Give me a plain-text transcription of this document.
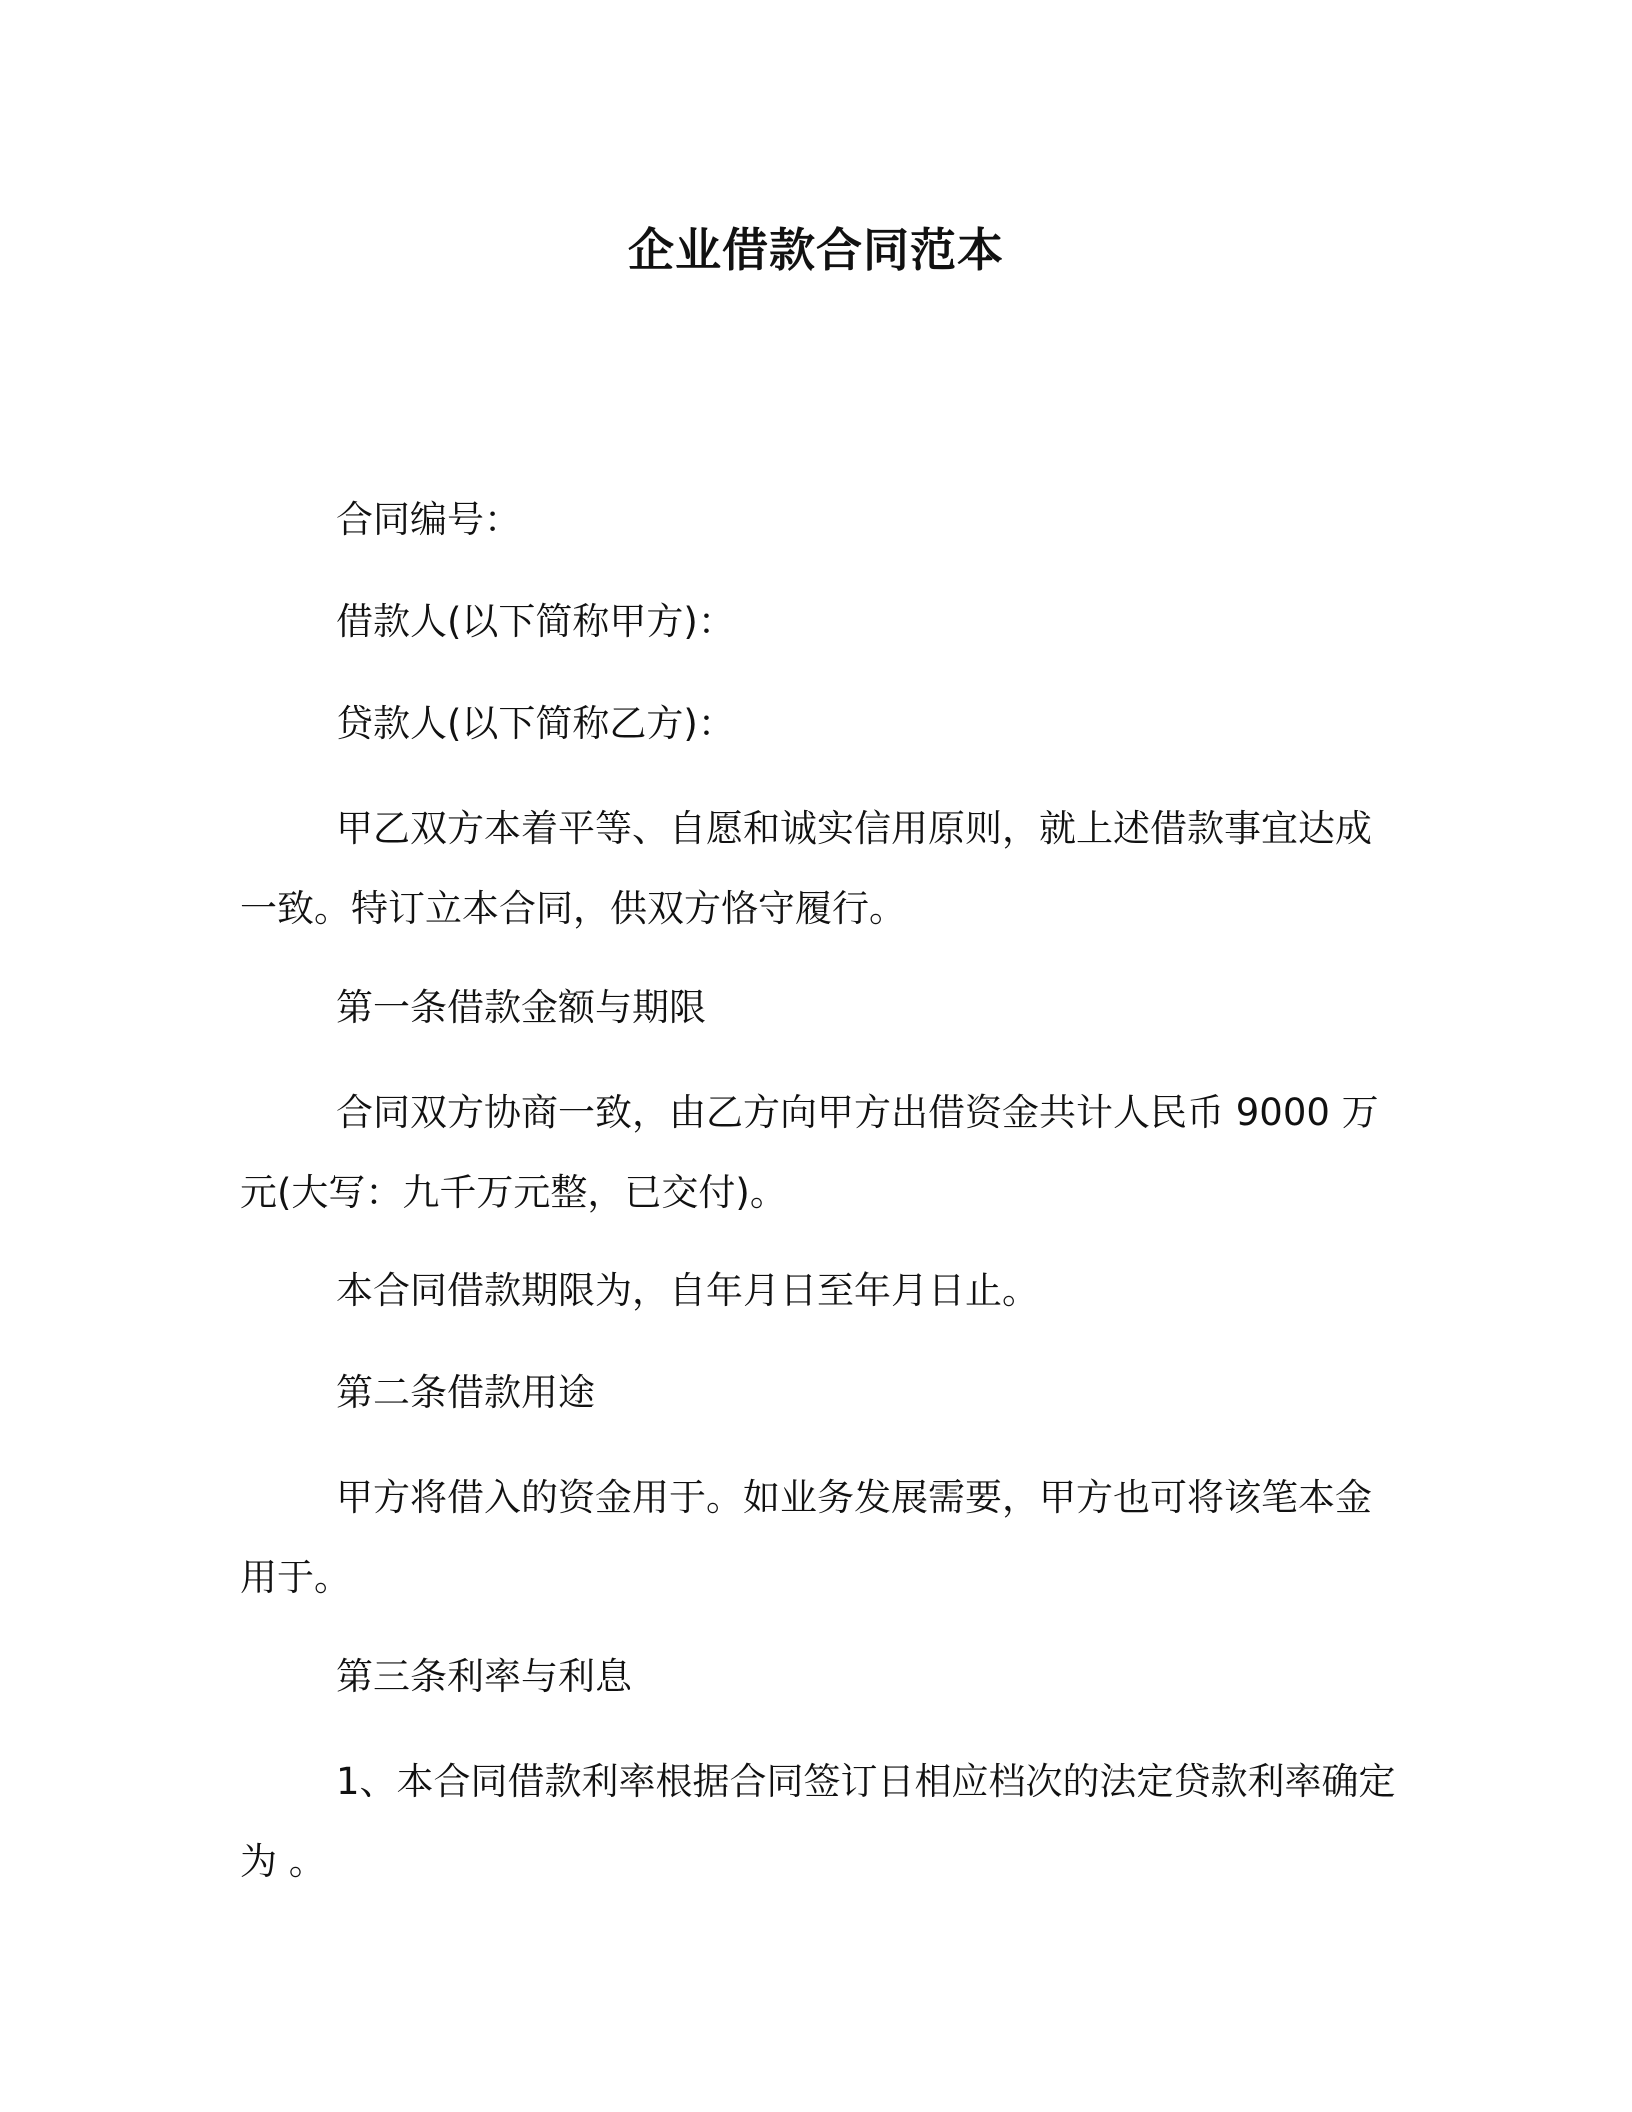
企业借款合同范本
合同编号：
借款人(以下简称甲方)：
贷款人(以下简称乙方)：
甲乙双方本着平等、自愿和诚实信用原则，就上述借款事宜达成一致。特订立本合同，供双方恪守履行。
第一条借款金额与期限
合同双方协商一致，由乙方向甲方出借资金共计人民币 9000 万元(大写：九千万元整，已交付)。
本合同借款期限为，自年月日至年月日止。
第二条借款用途
甲方将借入的资金用于。如业务发展需要，甲方也可将该笔本金用于。
第三条利率与利息
1、本合同借款利率根据合同签订日相应档次的法定贷款利率确定为 。
